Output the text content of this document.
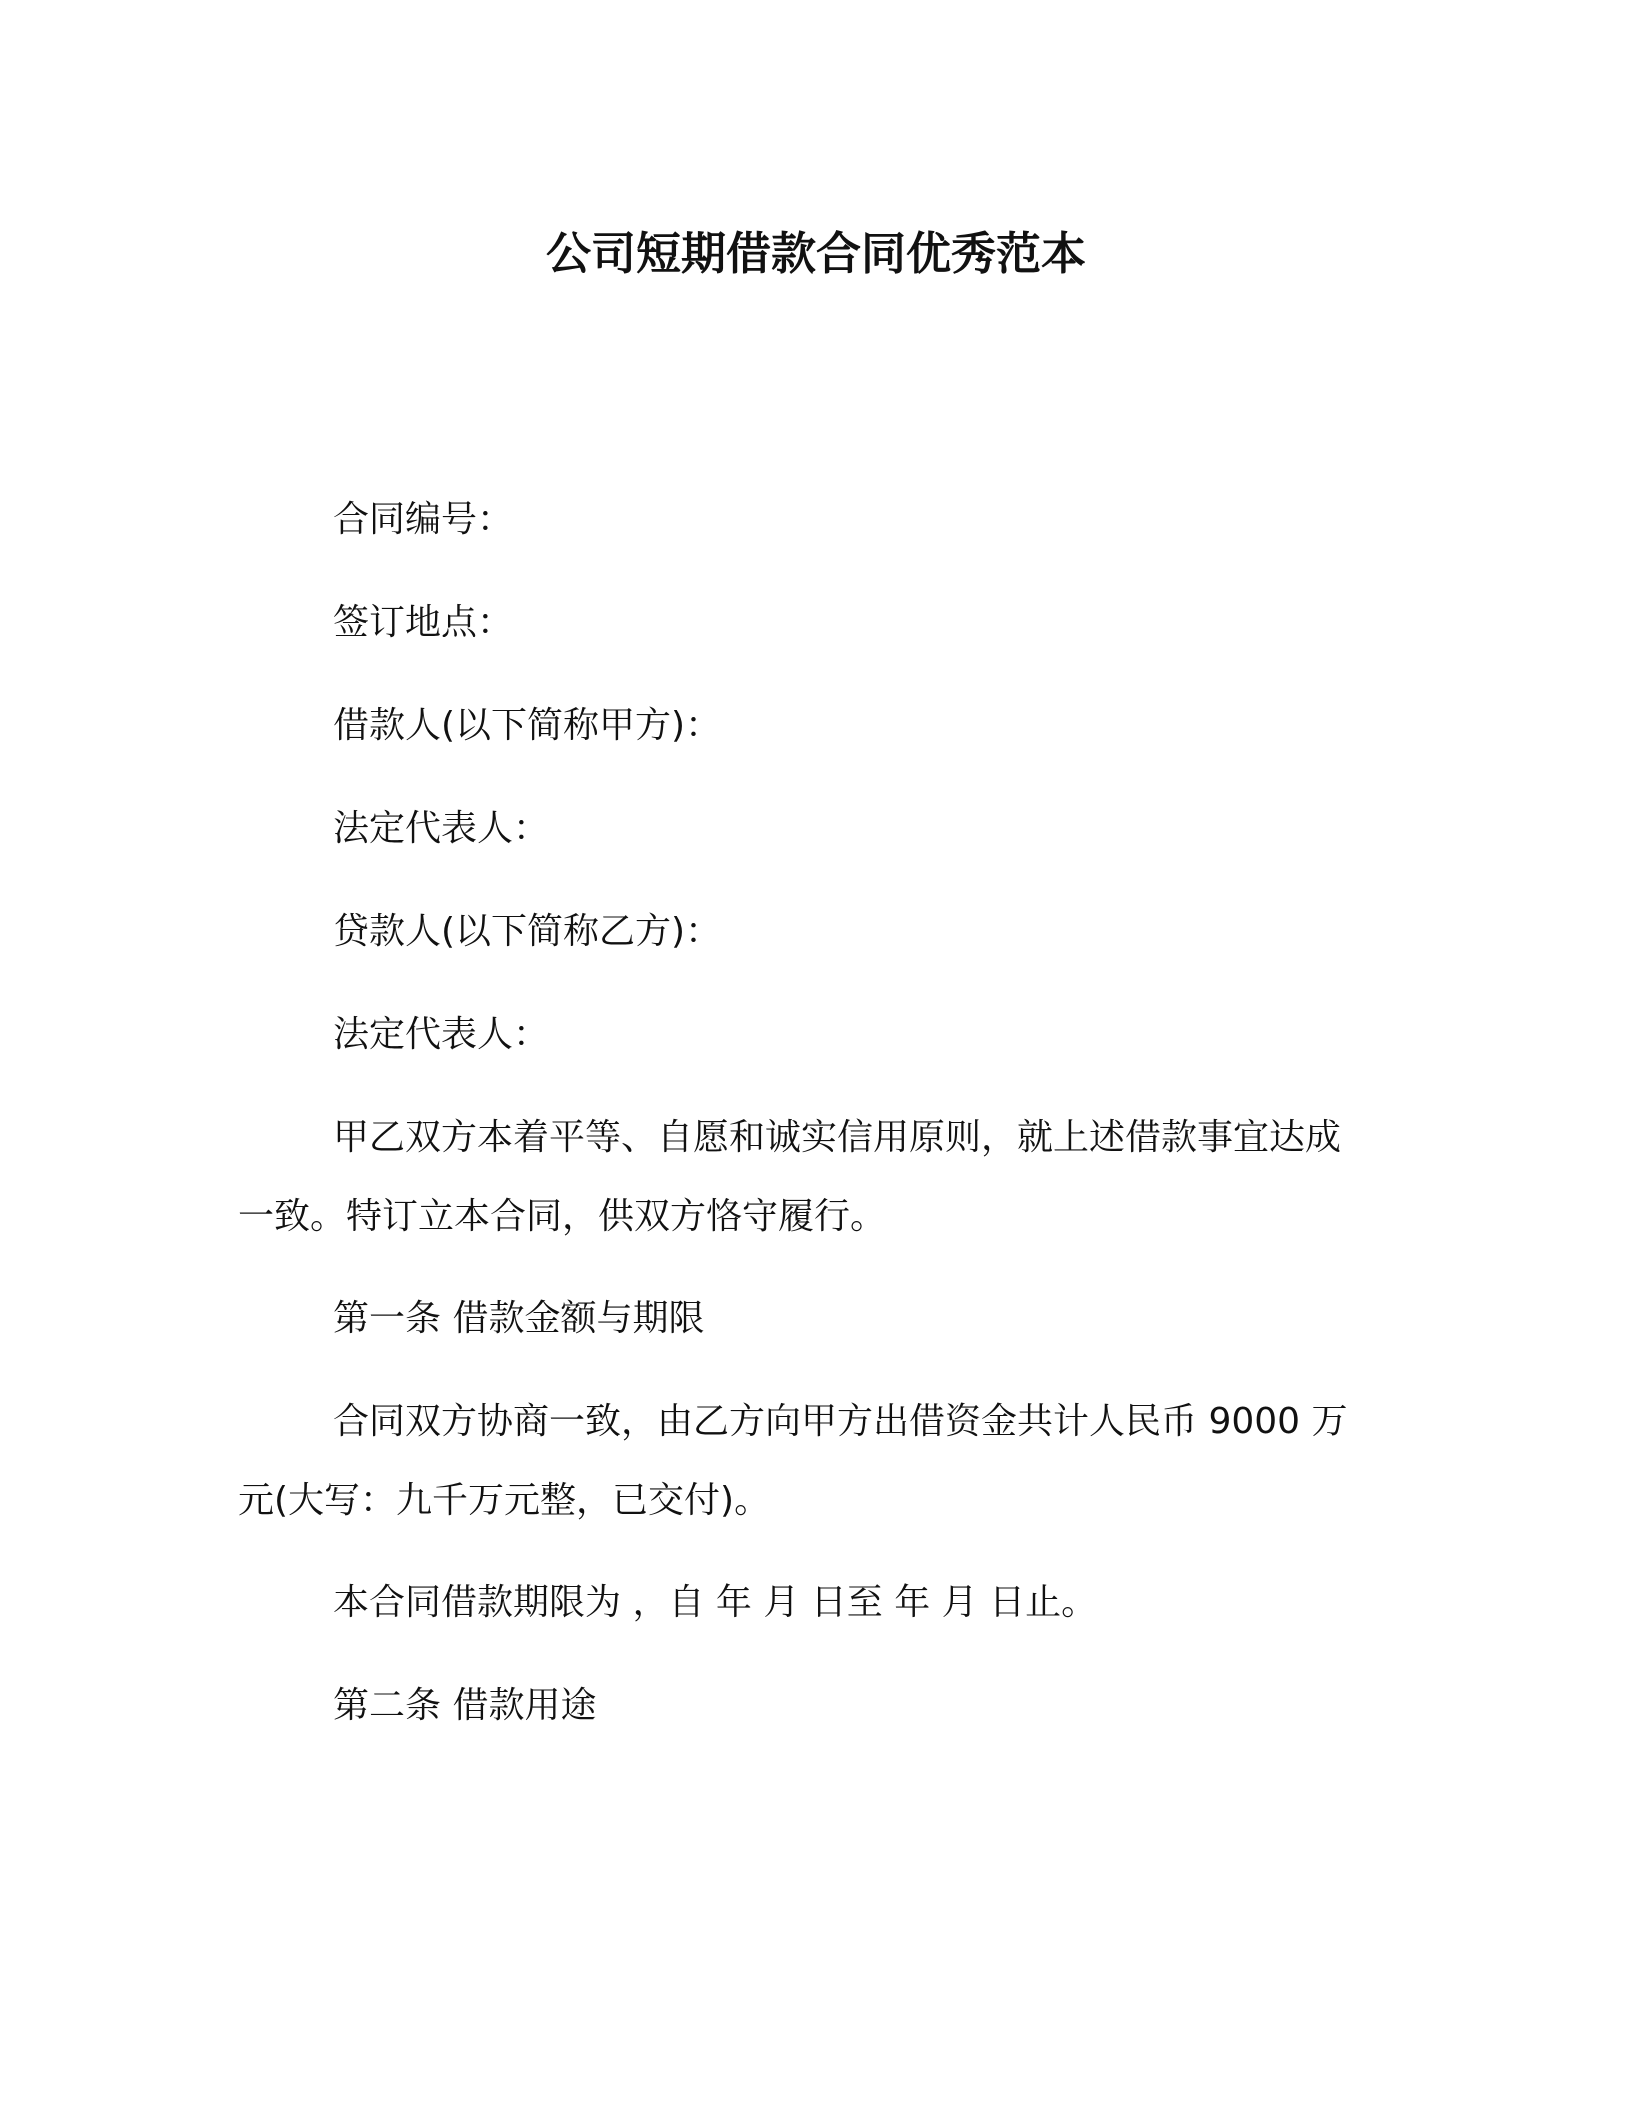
公司短期借款合同优秀范本
合同编号：
签订地点：
借款人(以下简称甲方)：
法定代表人：
贷款人(以下简称乙方)：
法定代表人：
甲乙双方本着平等、自愿和诚实信用原则，就上述借款事宜达成
一致。特订立本合同，供双方恪守履行。
第一条 借款金额与期限
合同双方协商一致，由乙方向甲方出借资金共计人民币 9000 万
元(大写：九千万元整，已交付)。
本合同借款期限为 ，自 年 月 日至 年 月 日止。
第二条 借款用途
